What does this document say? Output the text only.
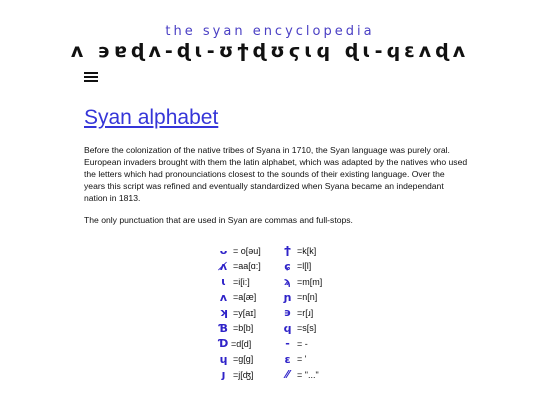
the syan encyclopedia
ʌ ϶ɐɖʌ-ɖɩ-ʊϯɖʊϛɩϥ ɖɩ-ϥɛʌɖʌ
Syan alphabet

Before the colonization of the native tribes of Syana in 1710, the Syan language was purely oral. European invaders brought with them the latin alphabet, which was adapted by the natives who used the letters which had pronounciations closest to the sounds of their existing language. Over the years this script was refined and eventually standardized when Syana became an independant nation in 1813.

The only punctuation that are used in Syan are commas and full-stops.

ᴗ = o[əu]
ʌ̸ =aa[ɑ:]
ɩ =i[i:]
ʌ =a[æ]
ʞ =y[aɪ]
Ɓ =b[b]
Ɗ =d[d]
ɥ =g[g]
ȷ =j[ʤ]
ϯ =k[k]
ɕ =l[l]
ϡ =m[m]
ɲ =n[n]
϶ =r[ɹ]
ϥ =s[s]
- = -
ɛ = '
⁄⁄ = "..."
